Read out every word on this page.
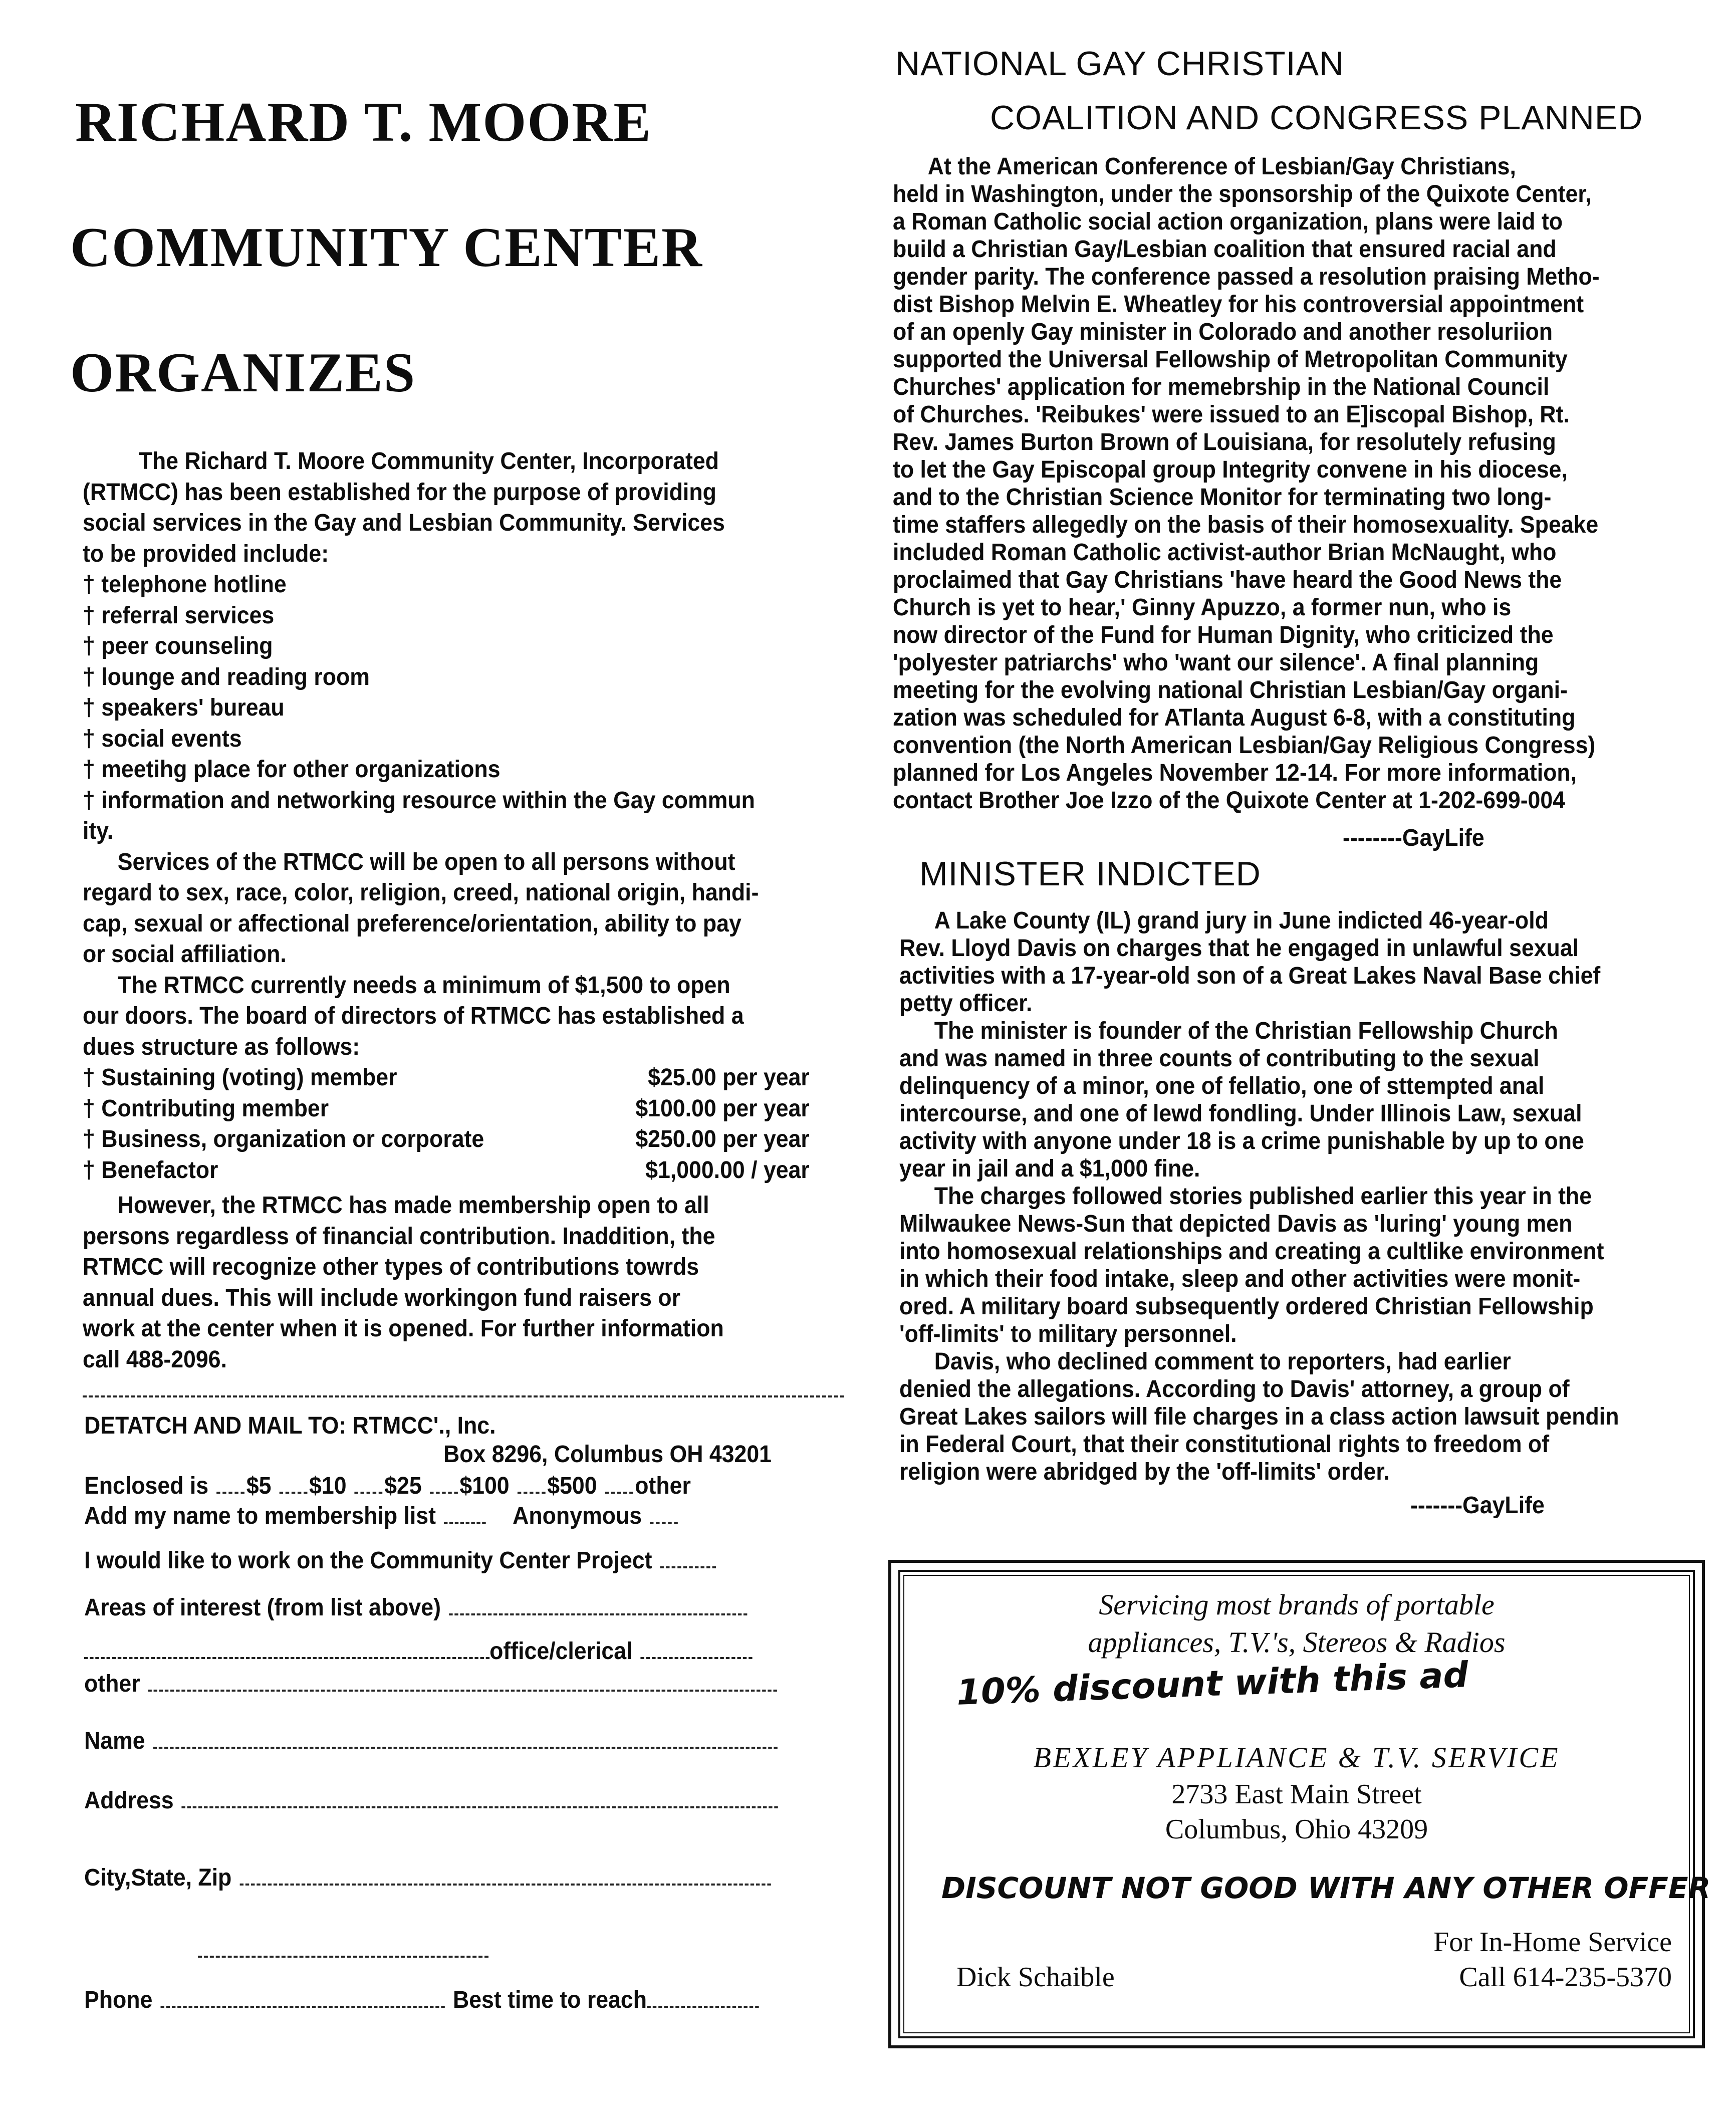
RICHARD T. MOORE
COMMUNITY CENTER
ORGANIZES
The Richard T. Moore Community Center, Incorporated
(RTMCC) has been established for the purpose of providing
social services in the Gay and Lesbian Community. Services
to be provided include:
† telephone hotline
† referral services
† peer counseling
† lounge and reading room
† speakers' bureau
† social events
† meetihg place for other organizations
† information and networking resource within the Gay commun
ity.
Services of the RTMCC will be open to all persons without
regard to sex, race, color, religion, creed, national origin, handi-
cap, sexual or affectional preference/orientation, ability to pay
or social affiliation.
The RTMCC currently needs a minimum of $1,500 to open
our doors. The board of directors of RTMCC has established a
dues structure as follows:
† Sustaining (voting) member	$25.00 per year
† Contributing member	$100.00 per year
† Business, organization or corporate	$250.00 per year
† Benefactor	$1,000.00 / year
However, the RTMCC has made membership open to all
persons regardless of financial contribution. Inaddition, the
RTMCC will recognize other types of contributions towrds
annual dues. This will include workingon fund raisers or
work at the center when it is opened. For further information
call 488-2096.
DETATCH AND MAIL TO: RTMCC'., Inc.
Box 8296, Columbus OH 43201
Enclosed is $5 $10 $25 $100 $500 other
Add my name to membership list	Anonymous
I would like to work on the Community Center Project
Areas of interest (from list above)
office/clerical
other
Name
Address
City,State, Zip
Phone	Best time to reach
NATIONAL GAY CHRISTIAN
COALITION AND CONGRESS PLANNED
At the American Conference of Lesbian/Gay Christians,
held in Washington, under the sponsorship of the Quixote Center,
a Roman Catholic social action organization, plans were laid to
build a Christian Gay/Lesbian coalition that ensured racial and
gender parity. The conference passed a resolution praising Metho-
dist Bishop Melvin E. Wheatley for his controversial appointment
of an openly Gay minister in Colorado and another resoluriion
supported the Universal Fellowship of Metropolitan Community
Churches' application for memebrship in the National Council
of Churches. 'Reibukes' were issued to an E]iscopal Bishop, Rt.
Rev. James Burton Brown of Louisiana, for resolutely refusing
to let the Gay Episcopal group Integrity convene in his diocese,
and to the Christian Science Monitor for terminating two long-
time staffers allegedly on the basis of their homosexuality. Speake
included Roman Catholic activist-author Brian McNaught, who
proclaimed that Gay Christians 'have heard the Good News the
Church is yet to hear,' Ginny Apuzzo, a former nun, who is
now director of the Fund for Human Dignity, who criticized the
'polyester patriarchs' who 'want our silence'. A final planning
meeting for the evolving national Christian Lesbian/Gay organi-
zation was scheduled for ATlanta August 6-8, with a constituting
convention (the North American Lesbian/Gay Religious Congress)
planned for Los Angeles November 12-14. For more information,
contact Brother Joe Izzo of the Quixote Center at 1-202-699-004
--------GayLife
MINISTER INDICTED
A Lake County (IL) grand jury in June indicted 46-year-old
Rev. Lloyd Davis on charges that he engaged in unlawful sexual
activities with a 17-year-old son of a Great Lakes Naval Base chief
petty officer.
The minister is founder of the Christian Fellowship Church
and was named in three counts of contributing to the sexual
delinquency of a minor, one of fellatio, one of sttempted anal
intercourse, and one of lewd fondling. Under Illinois Law, sexual
activity with anyone under 18 is a crime punishable by up to one
year in jail and a $1,000 fine.
The charges followed stories published earlier this year in the
Milwaukee News-Sun that depicted Davis as 'luring' young men
into homosexual relationships and creating a cultlike environment
in which their food intake, sleep and other activities were monit-
ored. A military board subsequently ordered Christian Fellowship
'off-limits' to military personnel.
Davis, who declined comment to reporters, had earlier
denied the allegations. According to Davis' attorney, a group of
Great Lakes sailors will file charges in a class action lawsuit pendin
in Federal Court, that their constitutional rights to freedom of
religion were abridged by the 'off-limits' order.
-------GayLife
Servicing most brands of portable
appliances, T.V.'s, Stereos & Radios
10% discount with this ad
BEXLEY APPLIANCE & T.V. SERVICE
2733 East Main Street
Columbus, Ohio 43209
DISCOUNT NOT GOOD WITH ANY OTHER OFFER
For In-Home Service
Dick Schaible	Call 614-235-5370
